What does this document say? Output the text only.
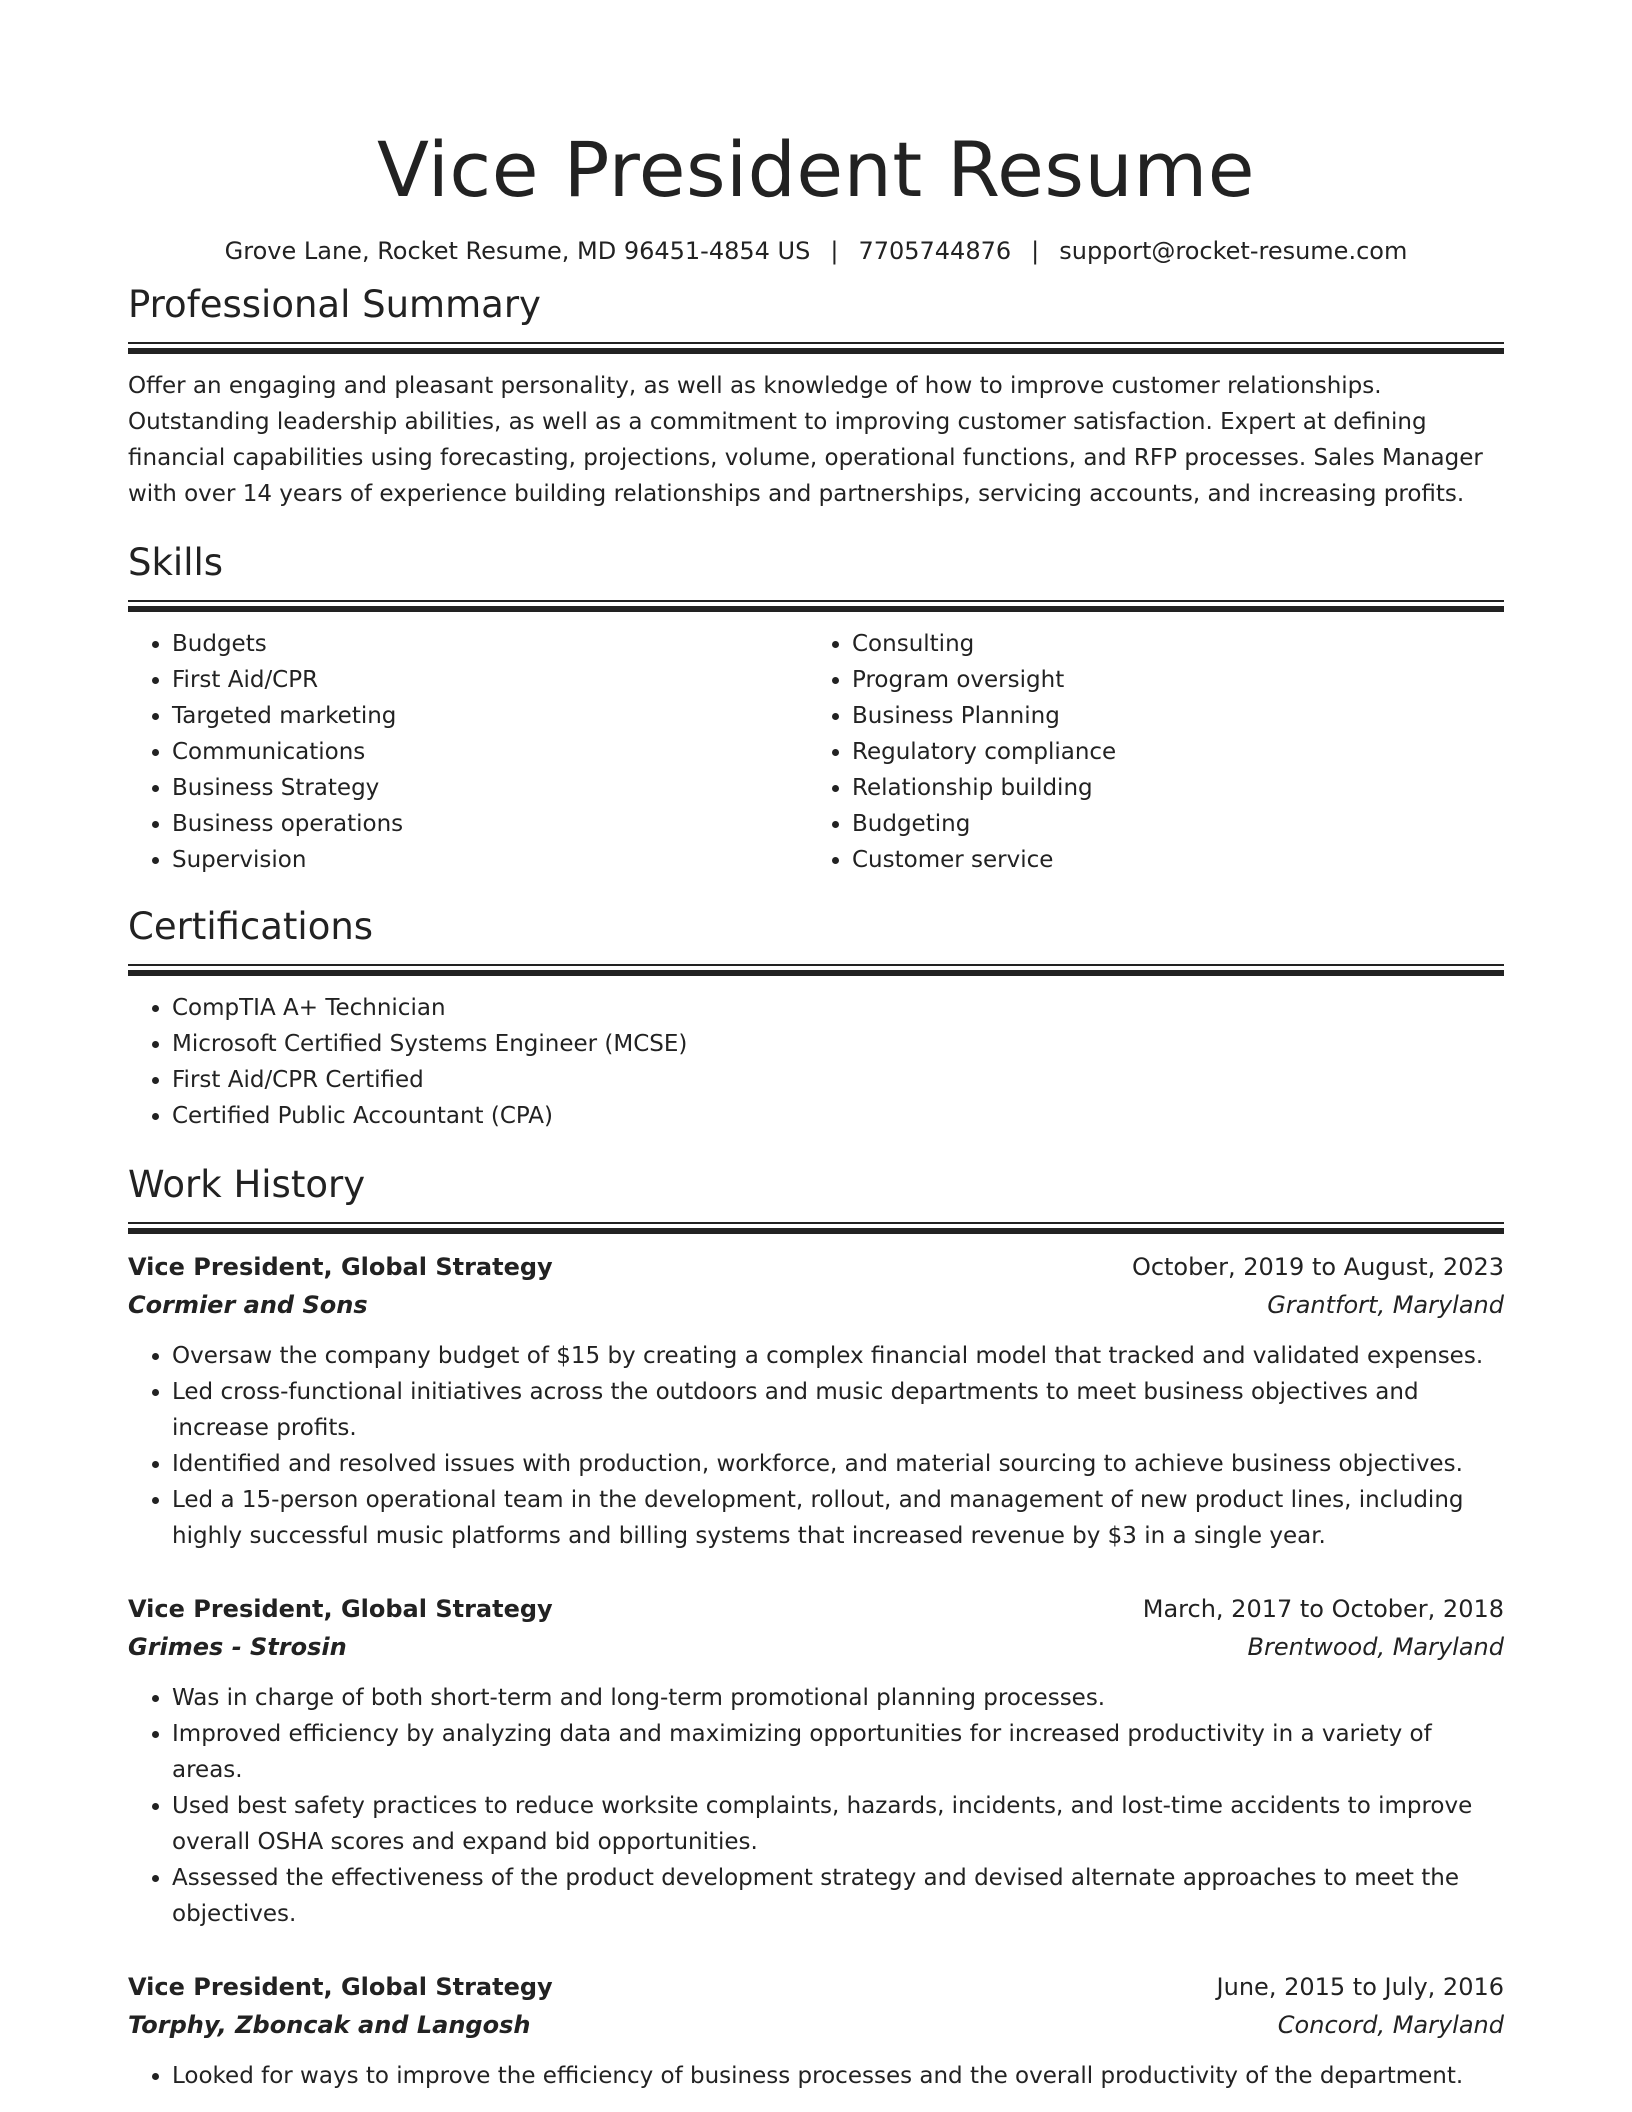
Vice President Resume
Grove Lane, Rocket Resume, MD 96451-4854 US | 7705744876 | support@rocket-resume.com
Professional Summary

Offer an engaging and pleasant personality, as well as knowledge of how to improve customer relationships. Outstanding leadership abilities, as well as a commitment to improving customer satisfaction. Expert at defining financial capabilities using forecasting, projections, volume, operational functions, and RFP processes. Sales Manager with over 14 years of experience building relationships and partnerships, servicing accounts, and increasing profits.

Skills
• Budgets
• First Aid/CPR
• Targeted marketing
• Communications
• Business Strategy
• Business operations
• Supervision
• Consulting
• Program oversight
• Business Planning
• Regulatory compliance
• Relationship building
• Budgeting
• Customer service
Certifications
• CompTIA A+ Technician
• Microsoft Certified Systems Engineer (MCSE)
• First Aid/CPR Certified
• Certified Public Accountant (CPA)
Work History
Vice President, Global Strategy	October, 2019 to August, 2023
Cormier and Sons	Grantfort, Maryland
• Oversaw the company budget of $15 by creating a complex financial model that tracked and validated expenses.
• Led cross-functional initiatives across the outdoors and music departments to meet business objectives and increase profits.
• Identified and resolved issues with production, workforce, and material sourcing to achieve business objectives.
• Led a 15-person operational team in the development, rollout, and management of new product lines, including highly successful music platforms and billing systems that increased revenue by $3 in a single year.
Vice President, Global Strategy	March, 2017 to October, 2018
Grimes - Strosin	Brentwood, Maryland
• Was in charge of both short-term and long-term promotional planning processes.
• Improved efficiency by analyzing data and maximizing opportunities for increased productivity in a variety of areas.
• Used best safety practices to reduce worksite complaints, hazards, incidents, and lost-time accidents to improve overall OSHA scores and expand bid opportunities.
• Assessed the effectiveness of the product development strategy and devised alternate approaches to meet the objectives.
Vice President, Global Strategy	June, 2015 to July, 2016
Torphy, Zboncak and Langosh	Concord, Maryland
• Looked for ways to improve the efficiency of business processes and the overall productivity of the department.
